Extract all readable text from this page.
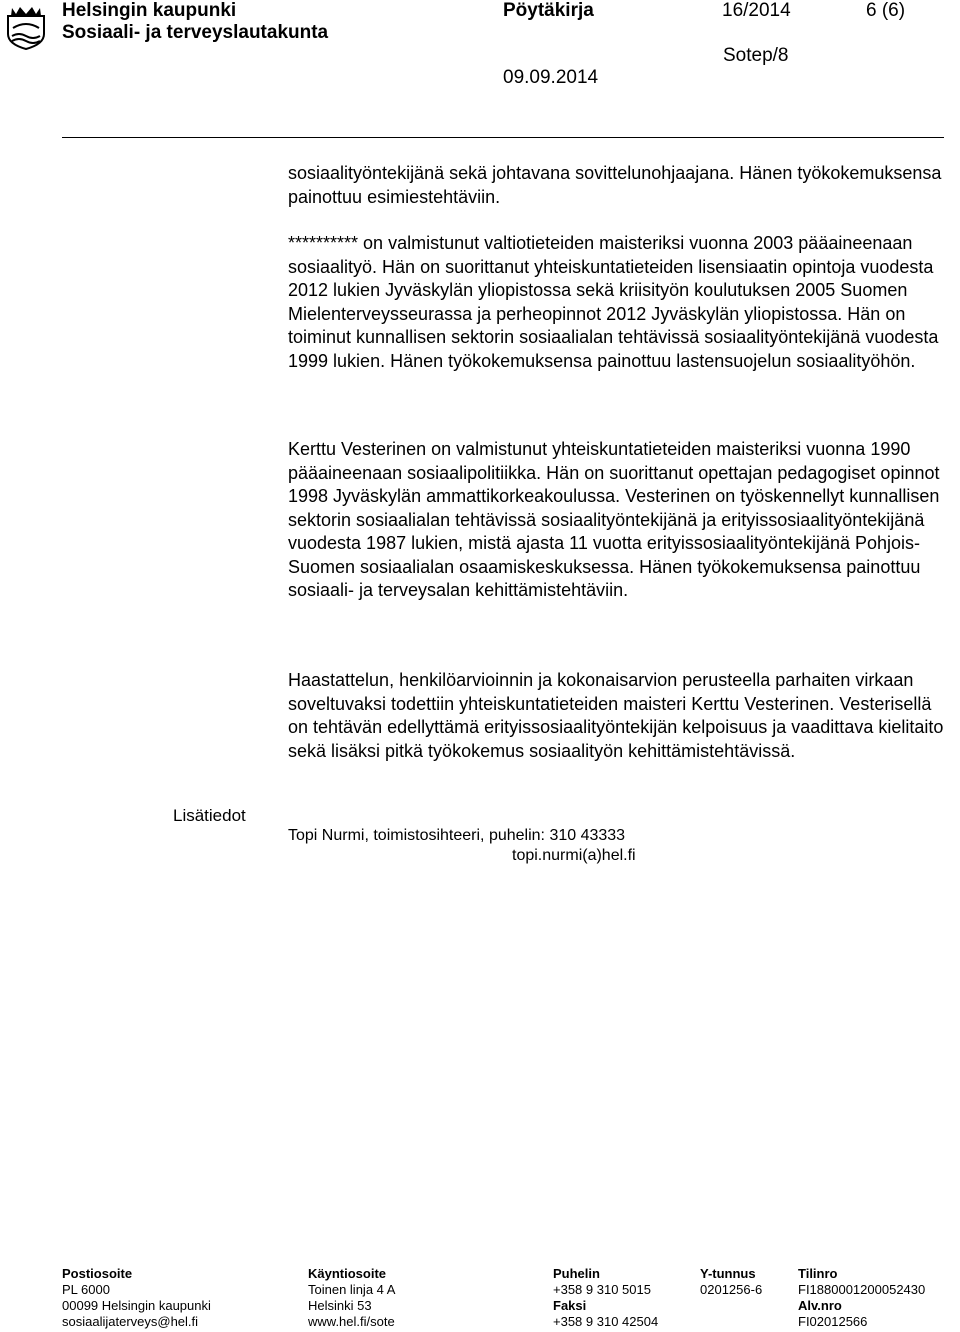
Helsingin kaupunki
Sosiaali- ja terveyslautakunta
Pöytäkirja	16/2014	6 (6)
Sotep/8
09.09.2014

sosiaalityöntekijänä sekä johtavana sovittelunohjaajana. Hänen työkokemuksensa painottuu esimiestehtäviin.

********** on valmistunut valtiotieteiden maisteriksi vuonna 2003 pääaineenaan sosiaalityö. Hän on suorittanut yhteiskuntatieteiden lisensiaatin opintoja vuodesta 2012 lukien Jyväskylän yliopistossa sekä kriisityön koulutuksen 2005 Suomen Mielenterveysseurassa ja perheopinnot 2012 Jyväskylän yliopistossa. Hän on toiminut kunnallisen sektorin sosiaalialan tehtävissä sosiaalityöntekijänä vuodesta 1999 lukien. Hänen työkokemuksensa painottuu lastensuojelun sosiaalityöhön.

Kerttu Vesterinen on valmistunut yhteiskuntatieteiden maisteriksi vuonna 1990 pääaineenaan sosiaalipolitiikka. Hän on suorittanut opettajan pedagogiset opinnot 1998 Jyväskylän ammattikorkeakoulussa. Vesterinen on työskennellyt kunnallisen sektorin sosiaalialan tehtävissä sosiaalityöntekijänä ja erityissosiaalityöntekijänä vuodesta 1987 lukien, mistä ajasta 11 vuotta erityissosiaalityöntekijänä Pohjois-Suomen sosiaalialan osaamiskeskuksessa. Hänen työkokemuksensa painottuu sosiaali- ja terveysalan kehittämistehtäviin.

Haastattelun, henkilöarvioinnin ja kokonaisarvion perusteella parhaiten virkaan soveltuvaksi todettiin yhteiskuntatieteiden maisteri Kerttu Vesterinen. Vesterisellä on tehtävän edellyttämä erityissosiaalityöntekijän kelpoisuus ja vaadittava kielitaito sekä lisäksi pitkä työkokemus sosiaalityön kehittämistehtävissä.

Lisätiedot
Topi Nurmi, toimistosihteeri, puhelin: 310 43333
topi.nurmi(a)hel.fi
Postiosoite
PL 6000
00099 Helsingin kaupunki
sosiaalijaterveys@hel.fi
Käyntiosoite
Toinen linja 4 A
Helsinki 53
www.hel.fi/sote
Puhelin
+358 9 310 5015
Faksi
+358 9 310 42504
Y-tunnus
0201256-6
Tilinro
FI1880001200052430
Alv.nro
FI02012566
